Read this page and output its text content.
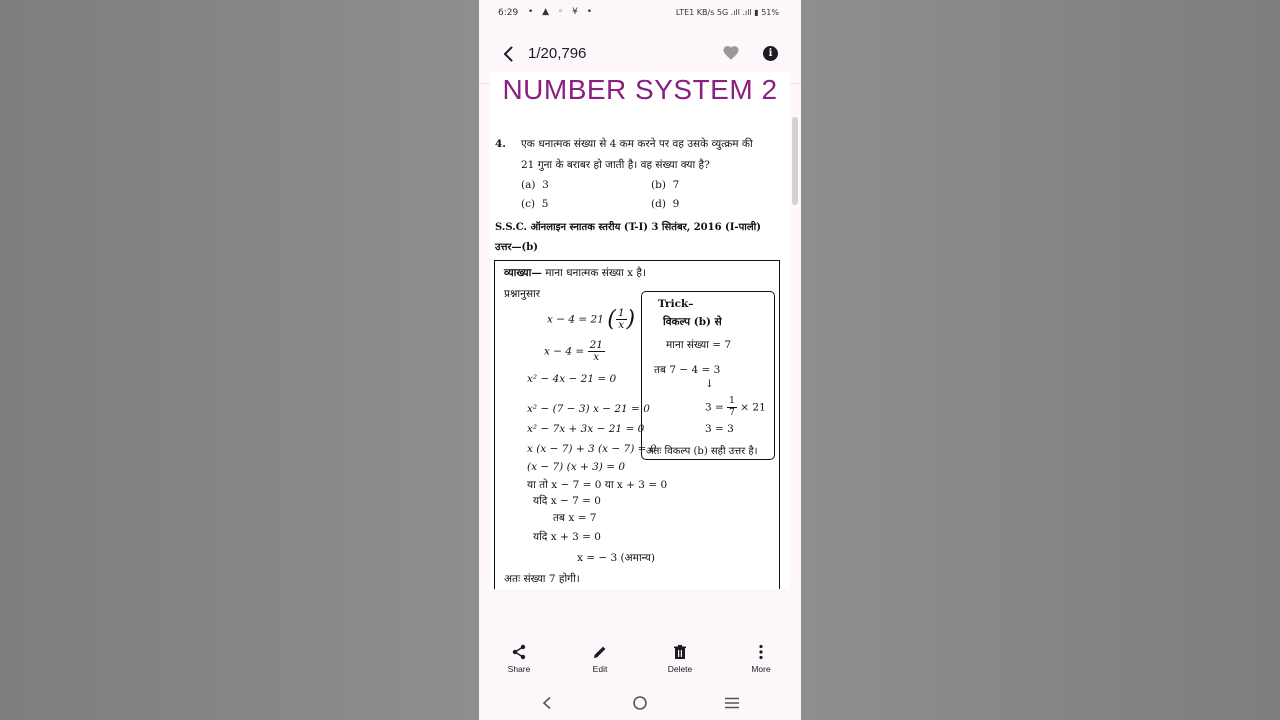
6:29 • ▲ ◦ ¥ •	LTE1 KB/s 5G .ıll .ıll ▮ 51%
1/20,796	i
NUMBER SYSTEM 2
4. एक धनात्मक संख्या से 4 कम करने पर वह उसके व्युत्क्रम की
21 गुना के बराबर हो जाती है। वह संख्या क्या है?
(a) 3	(b) 7
(c) 5	(d) 9
S.S.C. ऑनलाइन स्नातक स्तरीय (T-I) 3 सितंबर, 2016 (I-पाली)
उत्तर—(b)
व्याख्या— माना धनात्मक संख्या x है।
प्रश्नानुसार
x − 4 = 21 ( $\frac{1}{x}$ )
$x - 4 = \frac{21}{x}$
x² − 4x − 21 = 0
x² − (7 − 3) x − 21 = 0
x² − 7x + 3x − 21 = 0
x (x − 7) + 3 (x − 7) = 0
(x − 7) (x + 3) = 0
या तो x − 7 = 0 या x + 3 = 0
यदि x − 7 = 0
तब x = 7
यदि x + 3 = 0
x = − 3 (अमान्य)
अतः संख्या 7 होगी।
Trick–
विकल्प (b) से
माना संख्या = 7
तब 7 − 4 = 3
↓
$3 = \frac{1}{7} \times 21$
3 = 3
अतः विकल्प (b) सही उत्तर है।
Share	Edit	Delete	More
